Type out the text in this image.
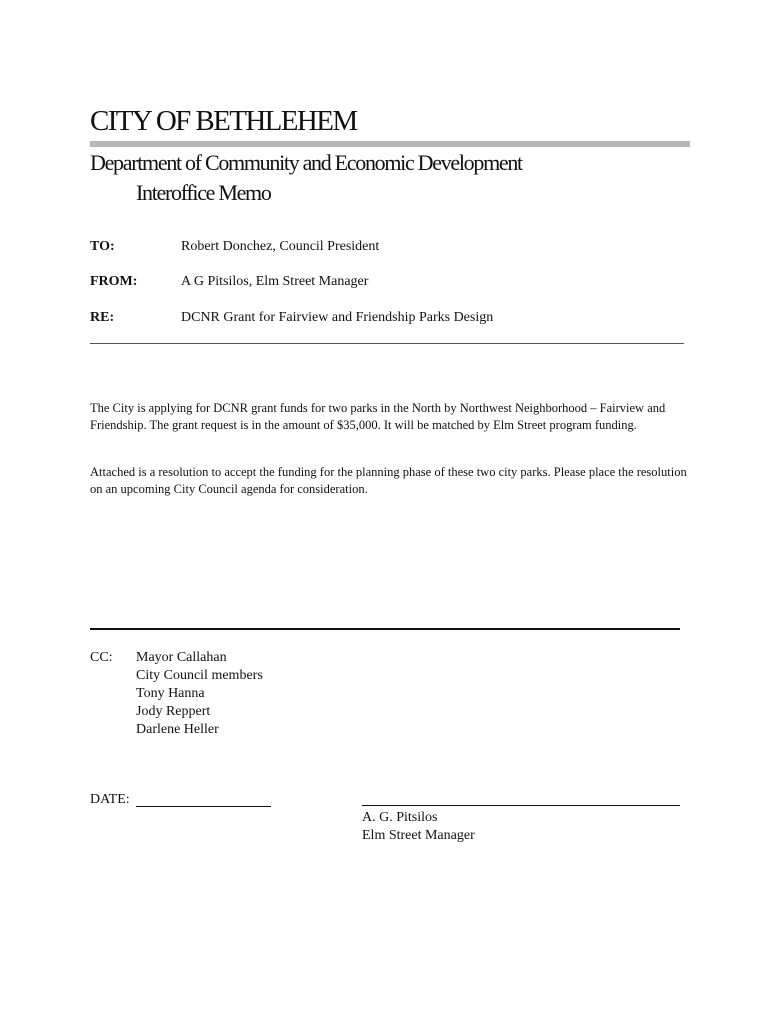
CITY OF BETHLEHEM
Department of Community and Economic Development
Interoffice Memo
TO:	Robert Donchez, Council President
FROM:	A G Pitsilos, Elm Street Manager
RE:	DCNR Grant for Fairview and Friendship Parks Design
The City is applying for DCNR grant funds for two parks in the North by Northwest Neighborhood – Fairview and Friendship. The grant request is in the amount of $35,000. It will be matched by Elm Street program funding.
Attached is a resolution to accept the funding for the planning phase of these two city parks. Please place the resolution on an upcoming City Council agenda for consideration.
CC: Mayor Callahan
City Council members
Tony Hanna
Jody Reppert
Darlene Heller
DATE:
A. G. Pitsilos
Elm Street Manager
